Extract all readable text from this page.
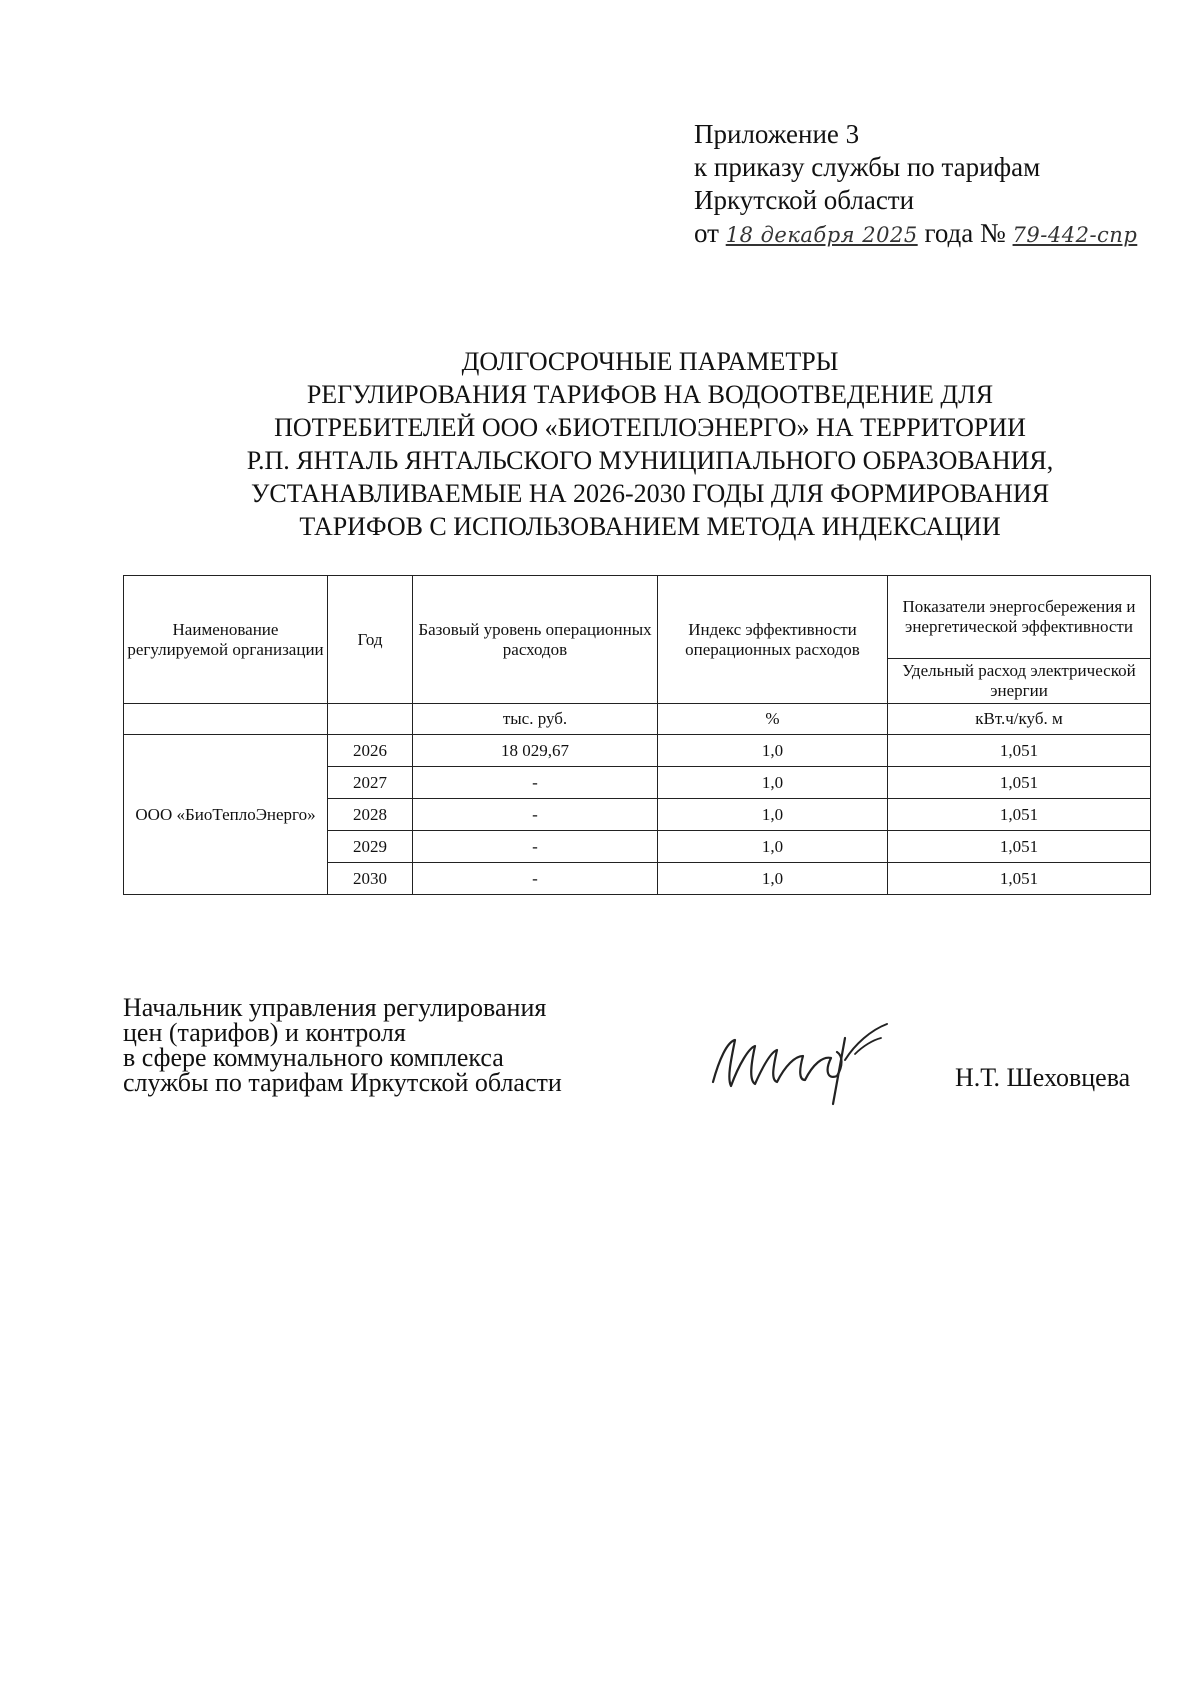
Приложение 3
к приказу службы по тарифам
Иркутской области
от 18 декабря 2025 года № 79-442-спр
ДОЛГОСРОЧНЫЕ ПАРАМЕТРЫ
РЕГУЛИРОВАНИЯ ТАРИФОВ НА ВОДООТВЕДЕНИЕ ДЛЯ
ПОТРЕБИТЕЛЕЙ ООО «БИОТЕПЛОЭНЕРГО» НА ТЕРРИТОРИИ
Р.П. ЯНТАЛЬ ЯНТАЛЬСКОГО МУНИЦИПАЛЬНОГО ОБРАЗОВАНИЯ,
УСТАНАВЛИВАЕМЫЕ НА 2026-2030 ГОДЫ ДЛЯ ФОРМИРОВАНИЯ
ТАРИФОВ С ИСПОЛЬЗОВАНИЕМ МЕТОДА ИНДЕКСАЦИИ
Наименование регулируемой организации	Год	Базовый уровень операционных расходов	Индекс эффективности операционных расходов	Показатели энергосбережения и энергетической эффективности
				Удельный расход электрической энергии
		тыс. руб.	%	кВт.ч/куб. м
ООО «БиоТеплоЭнерго»	2026	18 029,67	1,0	1,051
	2027	-	1,0	1,051
	2028	-	1,0	1,051
	2029	-	1,0	1,051
	2030	-	1,0	1,051
Начальник управления регулирования
цен (тарифов) и контроля
в сфере коммунального комплекса
службы по тарифам Иркутской области	Н.Т. Шеховцева
